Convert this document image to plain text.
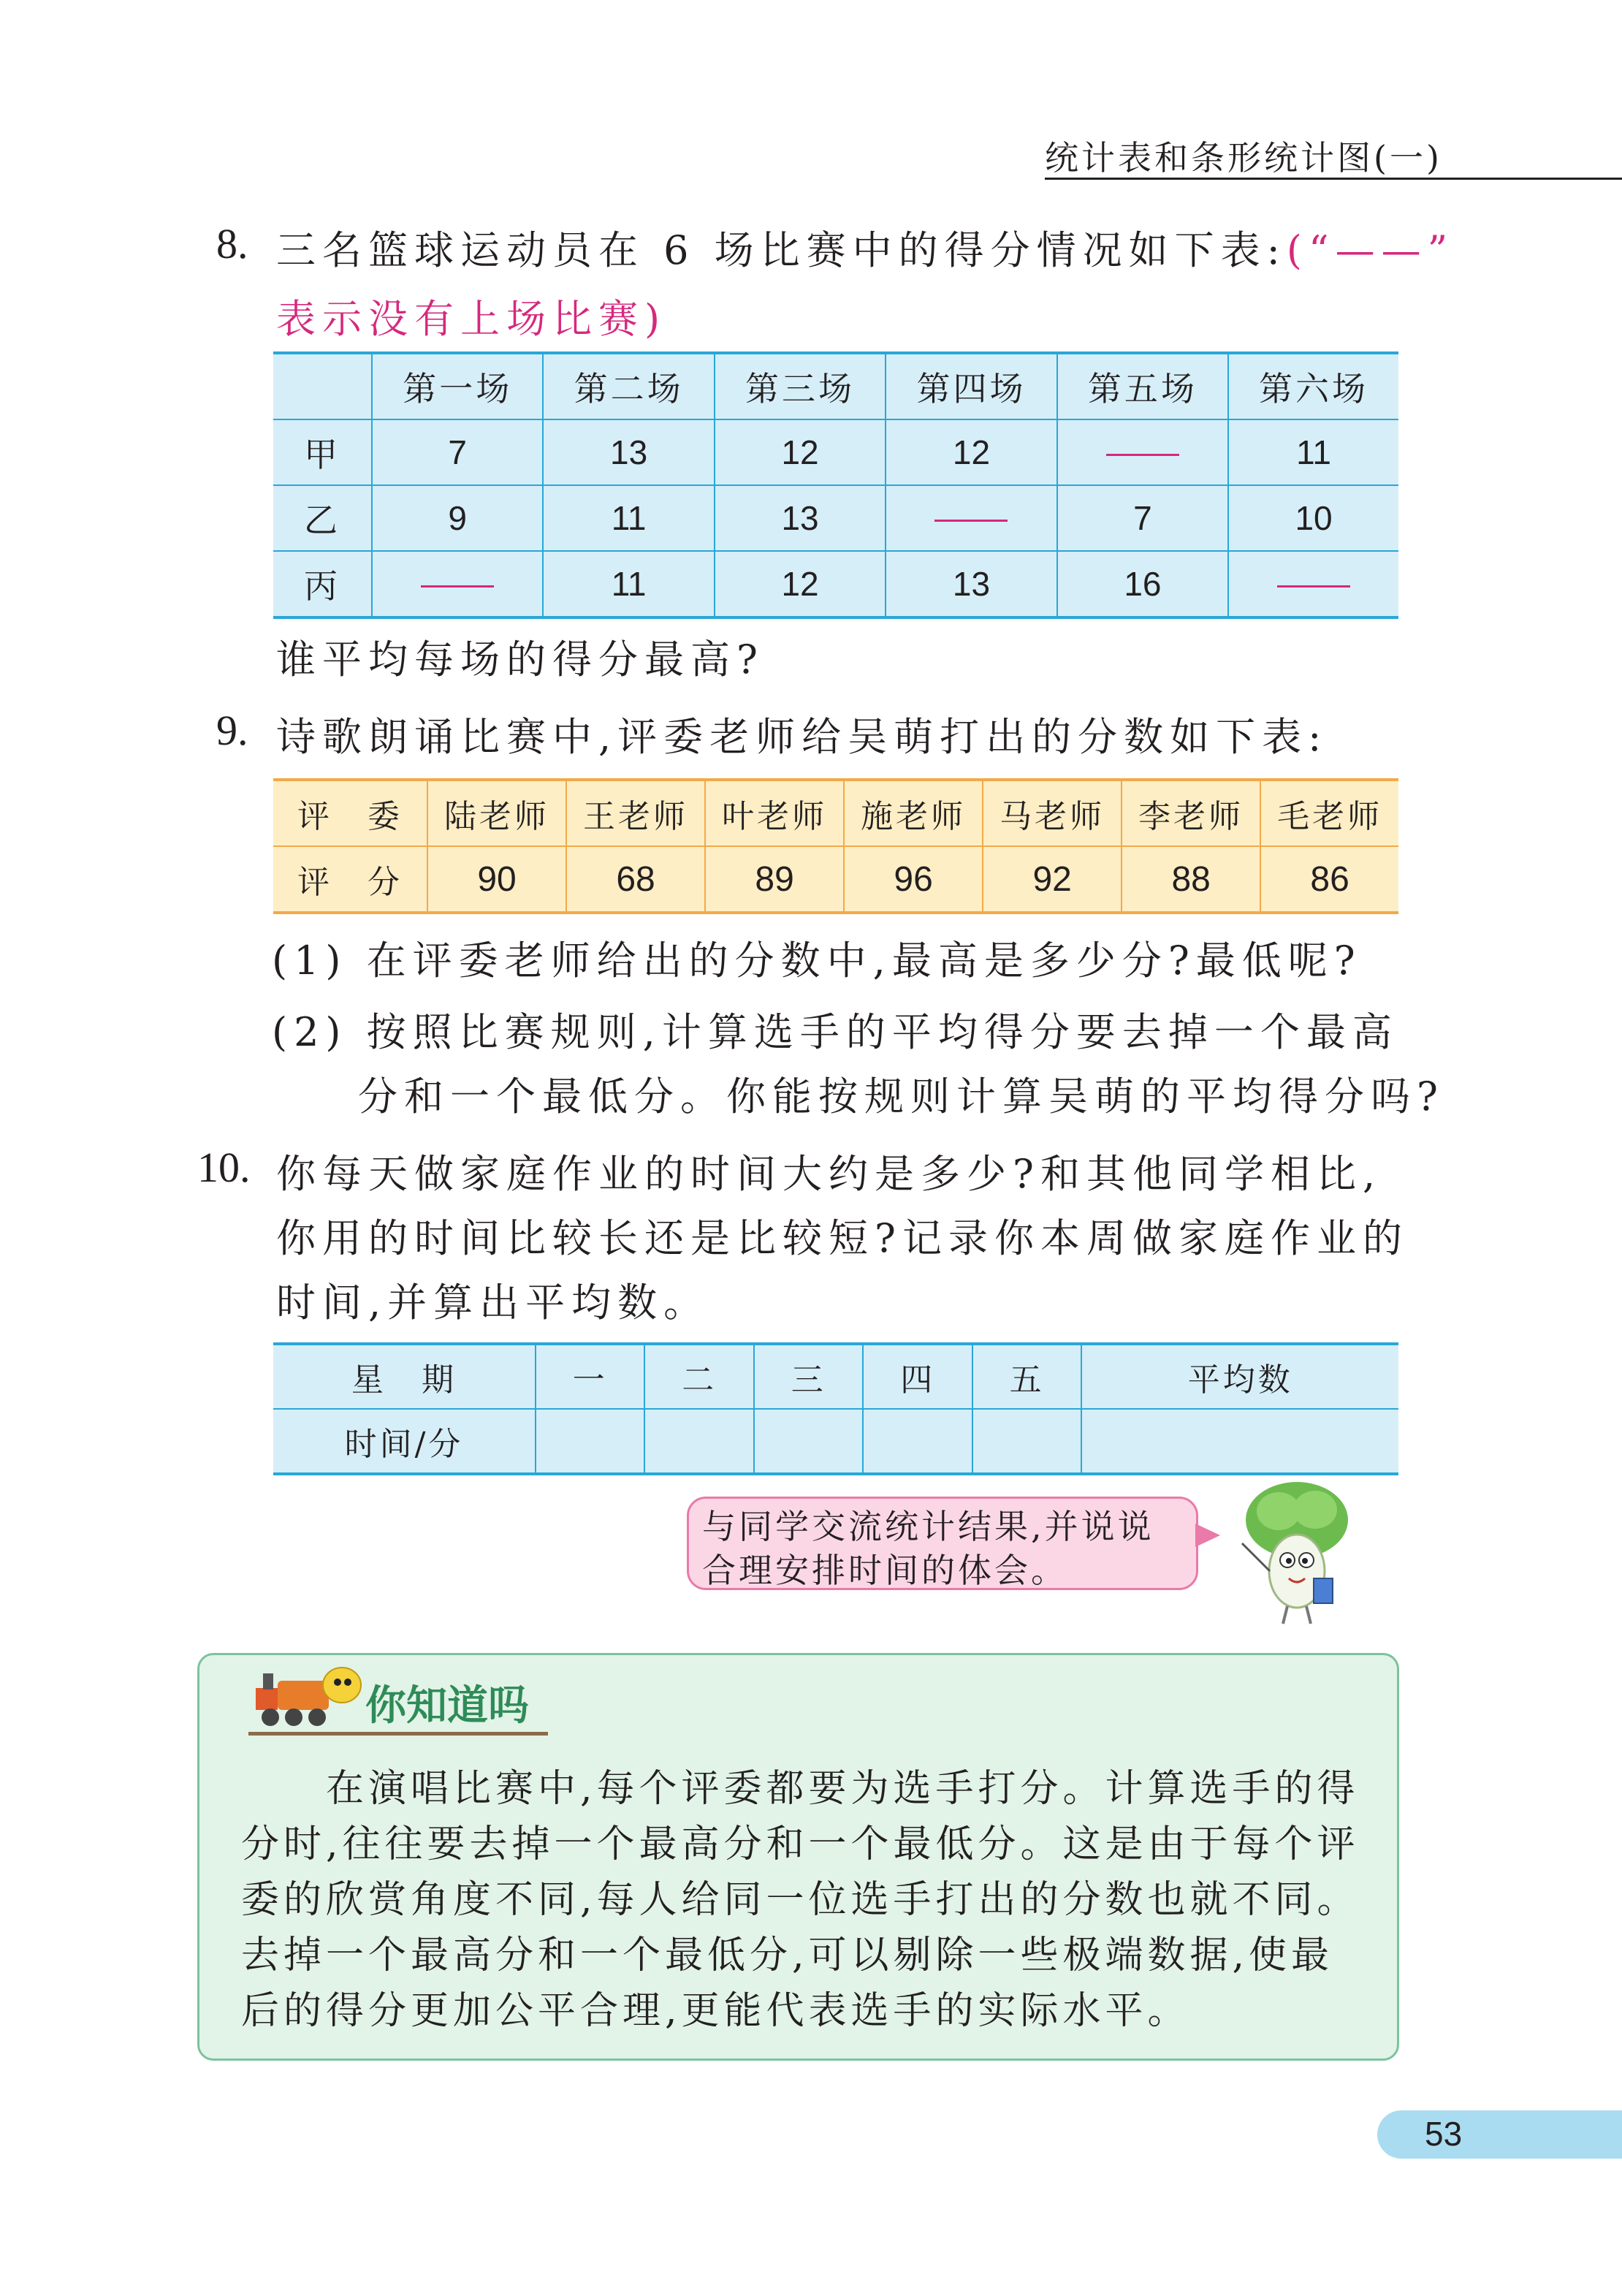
统计表和条形统计图(一)
8. 三名篮球运动员在 6 场比赛中的得分情况如下表:(“——”
表示没有上场比赛)
	第一场	第二场	第三场	第四场	第五场	第六场
甲	7	13	12	12		11
乙	9	11	13		7	10
丙		11	12	13	16	
谁平均每场的得分最高?
9. 诗歌朗诵比赛中,评委老师给吴萌打出的分数如下表:
评　委	陆老师	王老师	叶老师	施老师	马老师	李老师	毛老师
评　分	90	68	89	96	92	88	86
(1) 在评委老师给出的分数中,最高是多少分?最低呢?
(2) 按照比赛规则,计算选手的平均得分要去掉一个最高
分和一个最低分。你能按规则计算吴萌的平均得分吗?
10. 你每天做家庭作业的时间大约是多少?和其他同学相比,
你用的时间比较长还是比较短?记录你本周做家庭作业的
时间,并算出平均数。
星　期	一	二	三	四	五	平均数
时间/分						
与同学交流统计结果,并说说
合理安排时间的体会。
你知道吗
　　在演唱比赛中,每个评委都要为选手打分。计算选手的得
分时,往往要去掉一个最高分和一个最低分。这是由于每个评
委的欣赏角度不同,每人给同一位选手打出的分数也就不同。
去掉一个最高分和一个最低分,可以剔除一些极端数据,使最
后的得分更加公平合理,更能代表选手的实际水平。
53
